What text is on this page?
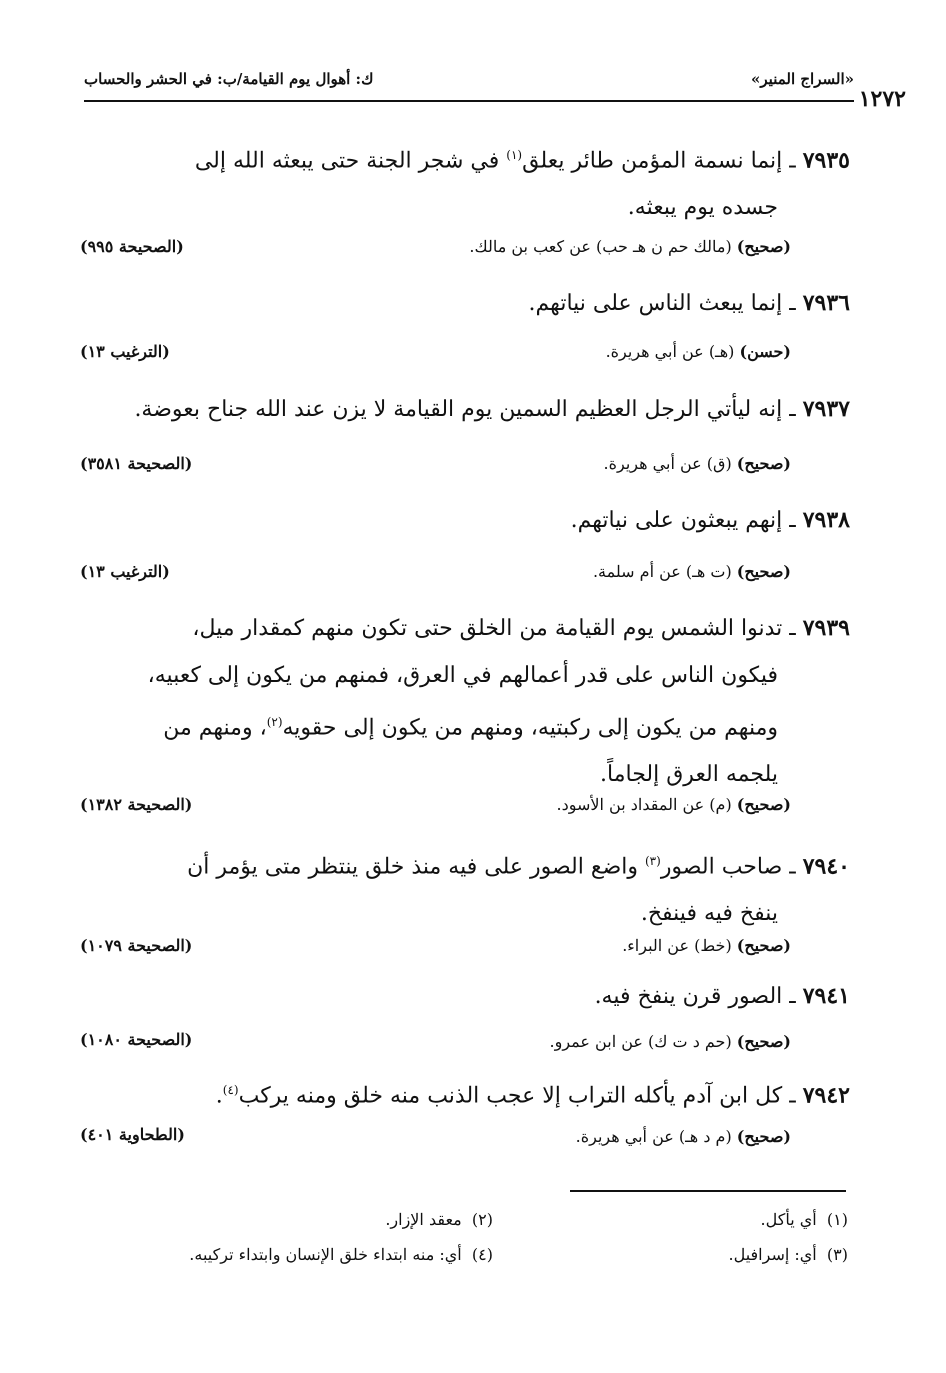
«السراج المنير»
ك: أهوال يوم القيامة/ب: في الحشر والحساب
١٢٧٢
٧٩٣٥ ـ إنما نسمة المؤمن طائر يعلق$^{(١)}$ في شجر الجنة حتى يبعثه الله إلى
جسده يوم يبعثه.
(صحيح) (مالك حم ن هـ حب) عن كعب بن مالك.
(الصحيحة ٩٩٥)
٧٩٣٦ ـ إنما يبعث الناس على نياتهم.
(حسن) (هـ) عن أبي هريرة.
(الترغيب ١٣)
٧٩٣٧ ـ إنه ليأتي الرجل العظيم السمين يوم القيامة لا يزن عند الله جناح بعوضة.
(صحيح) (ق) عن أبي هريرة.
(الصحيحة ٣٥٨١)
٧٩٣٨ ـ إنهم يبعثون على نياتهم.
(صحيح) (ت هـ) عن أم سلمة.
(الترغيب ١٣)
٧٩٣٩ ـ تدنوا الشمس يوم القيامة من الخلق حتى تكون منهم كمقدار ميل،
فيكون الناس على قدر أعمالهم في العرق، فمنهم من يكون إلى كعبيه،
ومنهم من يكون إلى ركبتيه، ومنهم من يكون إلى حقويه$^{(٢)}$، ومنهم من
يلجمه العرق إلجاماً.
(صحيح) (م) عن المقداد بن الأسود.
(الصحيحة ١٣٨٢)
٧٩٤٠ ـ صاحب الصور$^{(٣)}$ واضع الصور على فيه منذ خلق ينتظر متى يؤمر أن
ينفخ فيه فينفخ.
(صحيح) (خط) عن البراء.
(الصحيحة ١٠٧٩)
٧٩٤١ ـ الصور قرن ينفخ فيه.
(صحيح) (حم د ت ك) عن ابن عمرو.
(الصحيحة ١٠٨٠)
٧٩٤٢ ـ كل ابن آدم يأكله التراب إلا عجب الذنب منه خلق ومنه يركب$^{(٤)}$.
(صحيح) (م د هـ) عن أبي هريرة.
(الطحاوية ٤٠١)
(١)  أي يأكل.
(٢)  معقد الإزار.
(٣)  أي: إسرافيل.
(٤)  أي: منه ابتداء خلق الإنسان وابتداء تركيبه.
